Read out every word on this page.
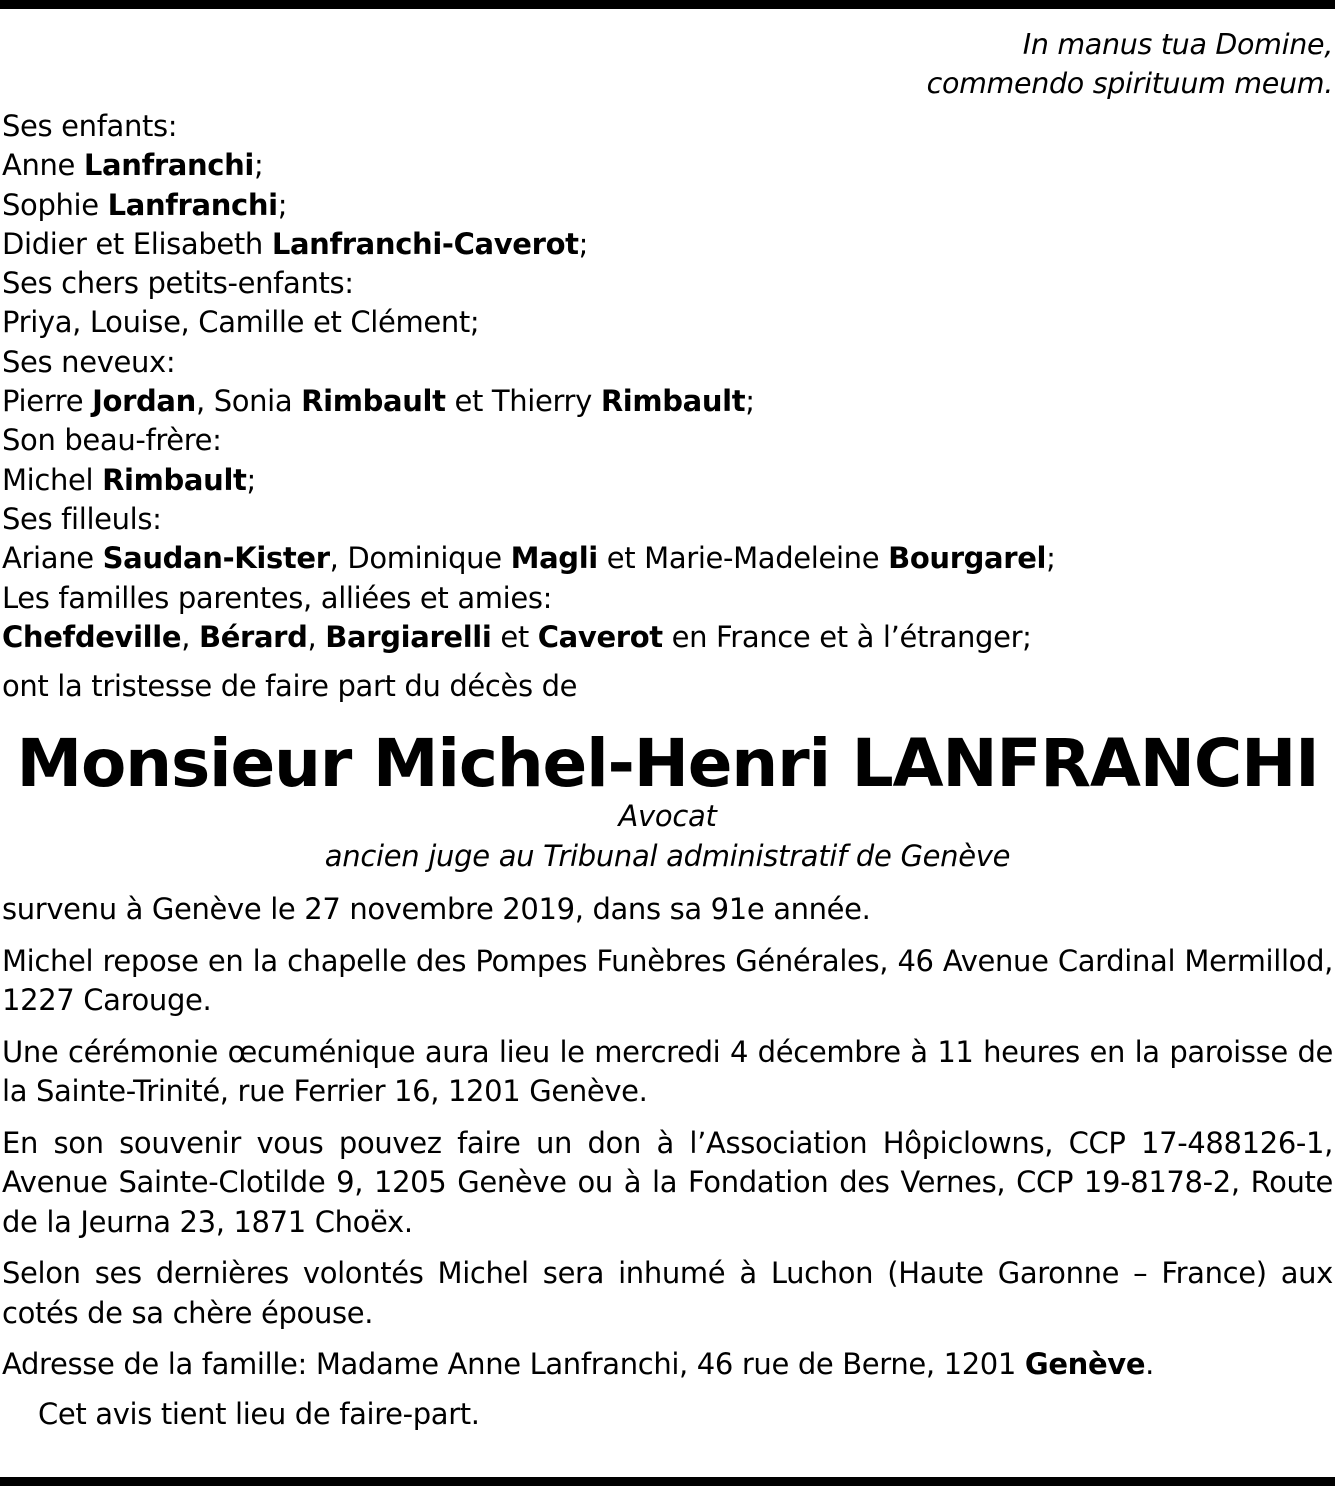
In manus tua Domine,
commendo spirituum meum.
Ses enfants:
Anne Lanfranchi;
Sophie Lanfranchi;
Didier et Elisabeth Lanfranchi-Caverot;
Ses chers petits-enfants:
Priya, Louise, Camille et Clément;
Ses neveux:
Pierre Jordan, Sonia Rimbault et Thierry Rimbault;
Son beau-frère:
Michel Rimbault;
Ses filleuls:
Ariane Saudan-Kister, Dominique Magli et Marie-Madeleine Bourgarel;
Les familles parentes, alliées et amies:
Chefdeville, Bérard, Bargiarelli et Caverot en France et à l’étranger;
ont la tristesse de faire part du décès de
Monsieur Michel-Henri LANFRANCHI
Avocat
ancien juge au Tribunal administratif de Genève
survenu à Genève le 27 novembre 2019, dans sa 91e année.
Michel repose en la chapelle des Pompes Funèbres Générales, 46 Avenue Cardinal Mermillod, 1227 Carouge.
Une cérémonie œcuménique aura lieu le mercredi 4 décembre à 11 heures en la paroisse de la Sainte-Trinité, rue Ferrier 16, 1201 Genève.
En son souvenir vous pouvez faire un don à l’Association Hôpiclowns, CCP 17-488126-1, Avenue Sainte-Clotilde 9, 1205 Genève ou à la Fondation des Vernes, CCP 19-8178-2, Route de la Jeurna 23, 1871 Choëx.
Selon ses dernières volontés Michel sera inhumé à Luchon (Haute Garonne – France) aux cotés de sa chère épouse.
Adresse de la famille: Madame Anne Lanfranchi, 46 rue de Berne, 1201 Genève.
Cet avis tient lieu de faire-part.
